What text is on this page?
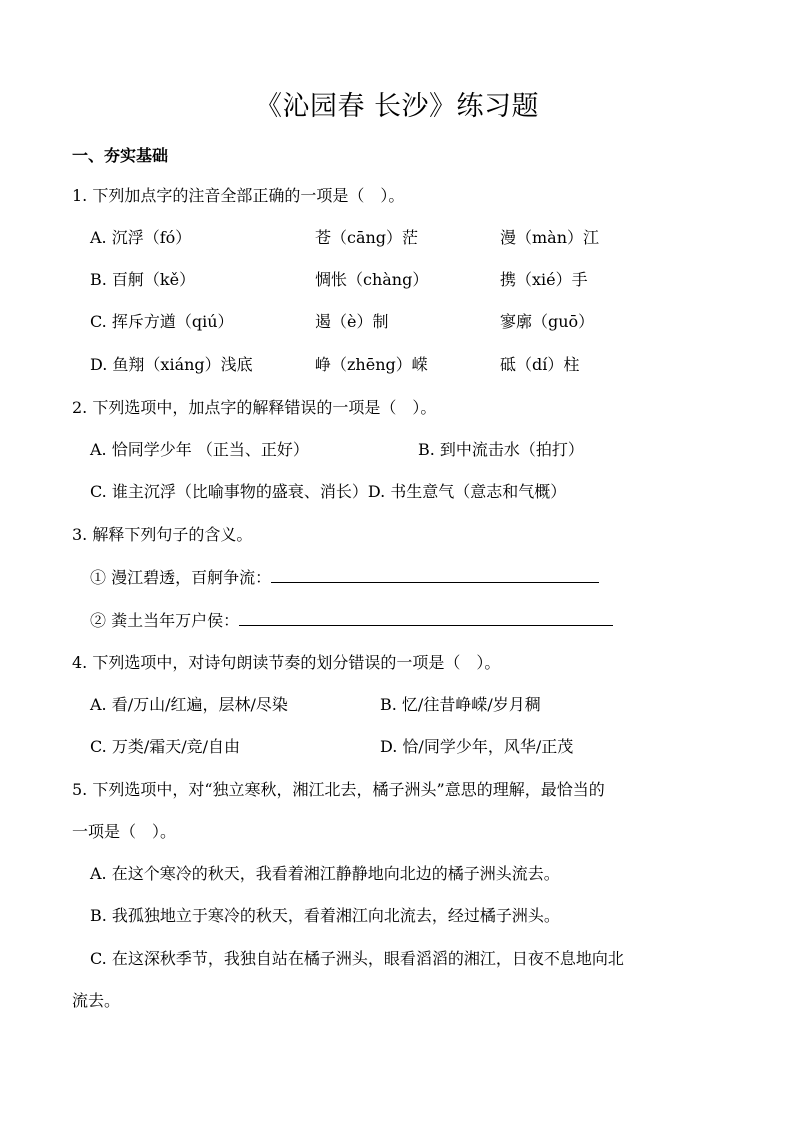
《沁园春 长沙》练习题
一、夯实基础
1. 下列加点字的注音全部正确的一项是（　）。
A. 沉浮（fó）	苍（cāng）茫	漫（màn）江
B. 百舸（kě）	惆怅（chàng）	携（xié）手
C. 挥斥方遒（qiú）	遏（è）制	寥廓（guō）
D. 鱼翔（xiáng）浅底	峥（zhēng）嵘	砥（dí）柱
2. 下列选项中，加点字的解释错误的一项是（　）。
A. 恰同学少年 （正当、正好）	B. 到中流击水（拍打）
C. 谁主沉浮（比喻事物的盛衰、消长）D. 书生意气（意志和气概）
3. 解释下列句子的含义。
① 漫江碧透，百舸争流：
② 粪土当年万户侯：
4. 下列选项中，对诗句朗读节奏的划分错误的一项是（　）。
A. 看/万山/红遍，层林/尽染	B. 忆/往昔峥嵘/岁月稠
C. 万类/霜天/竞/自由	D. 恰/同学少年，风华/正茂
5. 下列选项中，对“独立寒秋，湘江北去，橘子洲头”意思的理解，最恰当的
一项是（　）。
A. 在这个寒冷的秋天，我看着湘江静静地向北边的橘子洲头流去。
B. 我孤独地立于寒冷的秋天，看着湘江向北流去，经过橘子洲头。
C. 在这深秋季节，我独自站在橘子洲头，眼看滔滔的湘江，日夜不息地向北
流去。
